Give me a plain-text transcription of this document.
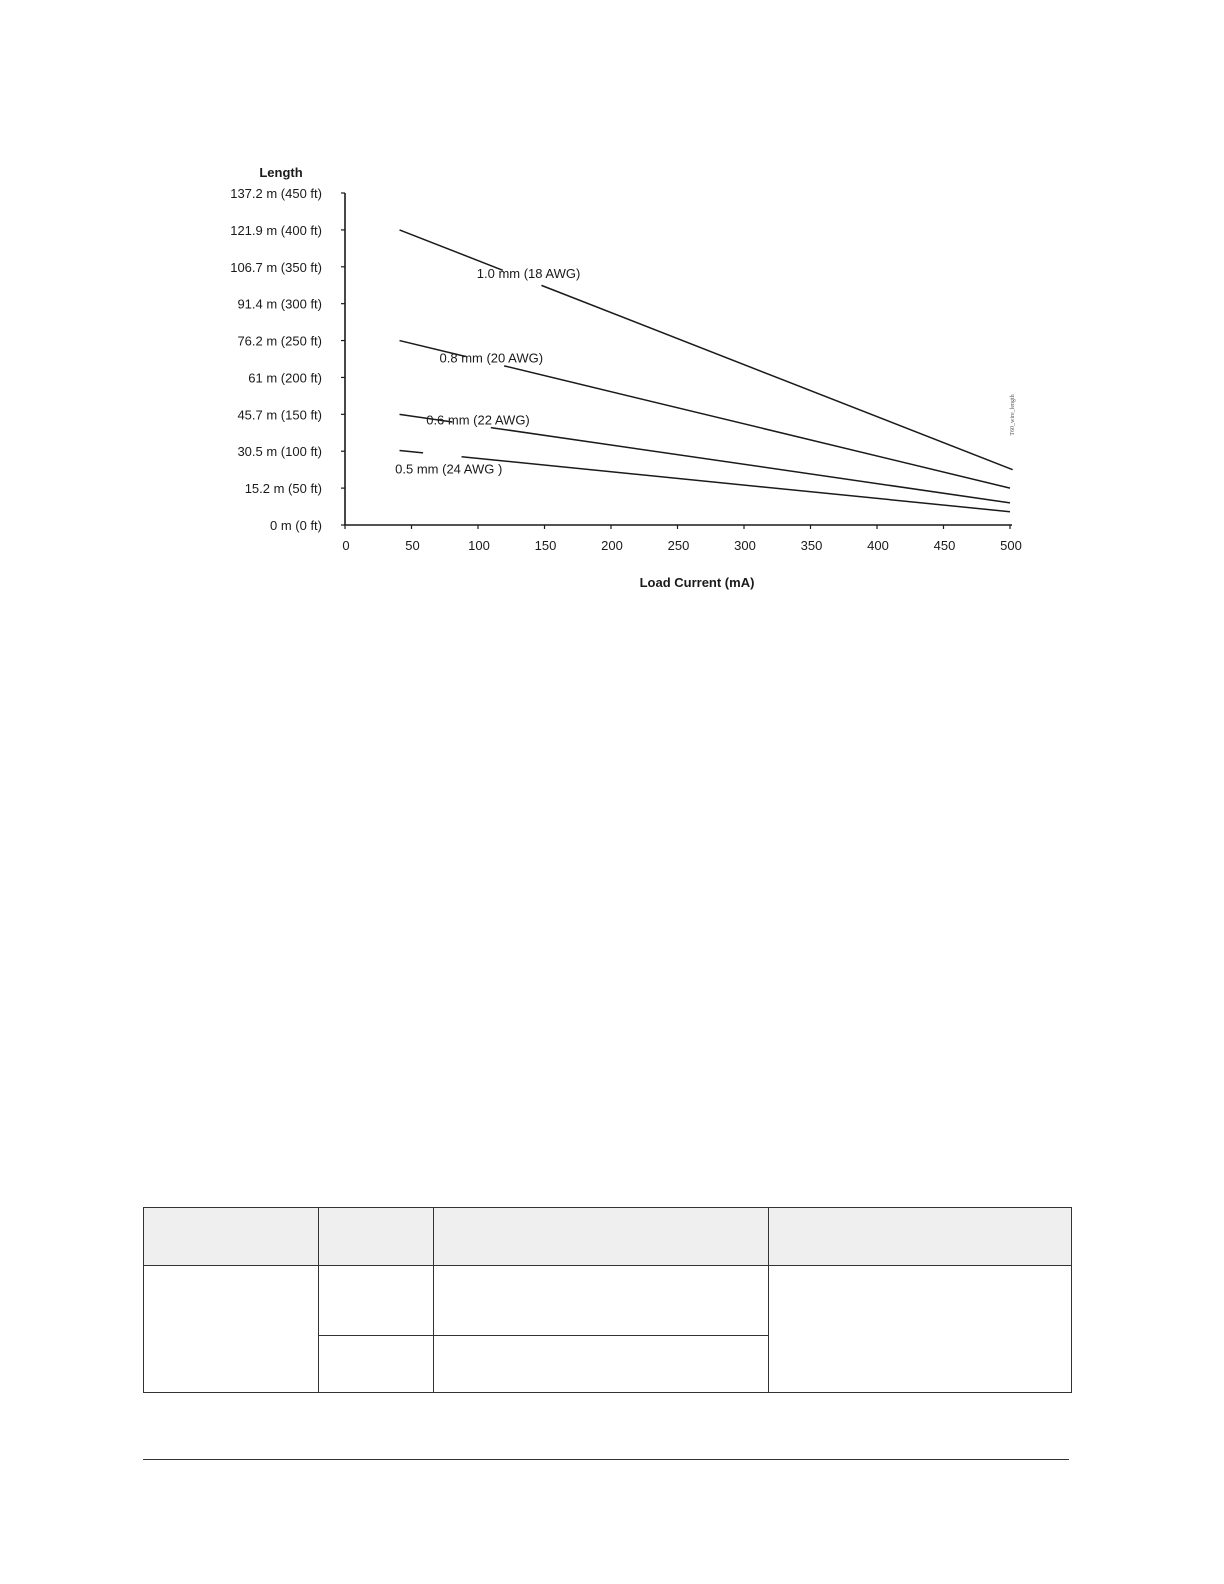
0 m (0 ft)
15.2 m (50 ft)
30.5 m (100 ft)
45.7 m (150 ft)
61 m (200 ft)
76.2 m (250 ft)
91.4 m (300 ft)
106.7 m (350 ft)
121.9 m (400 ft)
137.2 m (450 ft)
0	50	100	150	200	250	300	350	400	450	500
1.0 mm (18 AWG)
0.8 mm (20 AWG)
0.6 mm (22 AWG)
0.5 mm (24 AWG )
Length
Load Current (mA)
T60_wire_length
